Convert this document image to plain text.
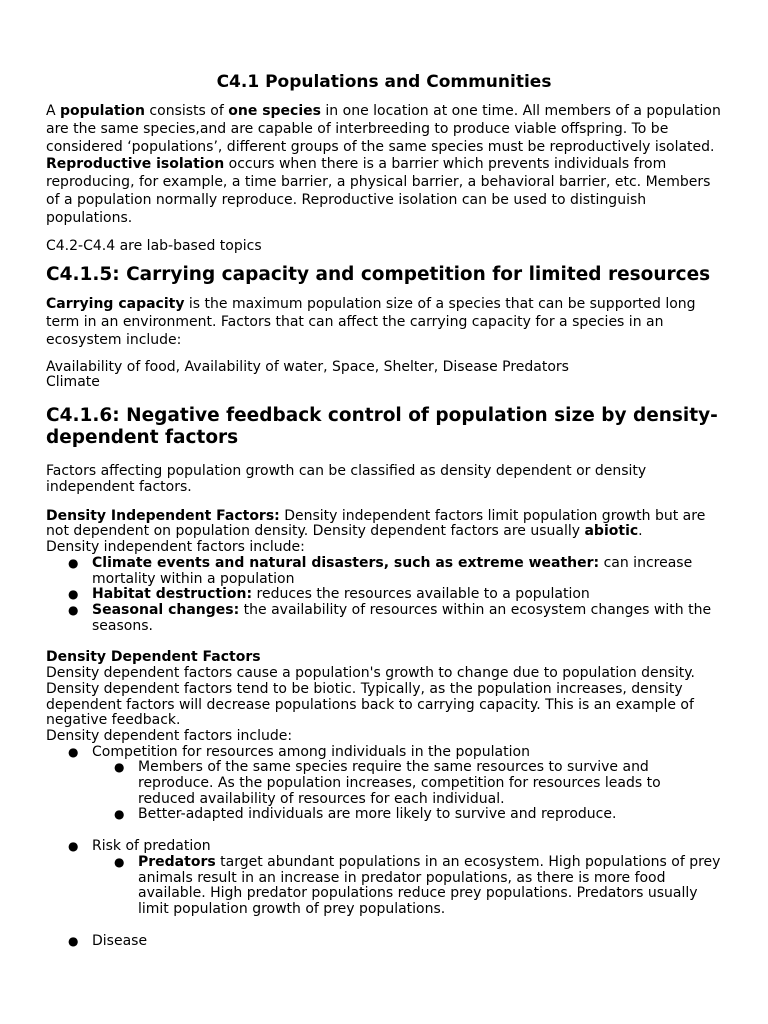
C4.1 Populations and Communities

A population consists of one species in one location at one time. All members of a population are the same species,and are capable of interbreeding to produce viable offspring. To be considered ‘populations’, different groups of the same species must be reproductively isolated. Reproductive isolation occurs when there is a barrier which prevents individuals from reproducing, for example, a time barrier, a physical barrier, a behavioral barrier, etc. Members of a population normally reproduce. Reproductive isolation can be used to distinguish populations.

C4.2-C4.4 are lab-based topics

C4.1.5: Carrying capacity and competition for limited resources

Carrying capacity is the maximum population size of a species that can be supported long term in an environment. Factors that can affect the carrying capacity for a species in an ecosystem include:

Availability of food, Availability of water, Space, Shelter, Disease Predators
Climate

C4.1.6: Negative feedback control of population size by density-dependent factors

Factors affecting population growth can be classified as density dependent or density independent factors.

Density Independent Factors: Density independent factors limit population growth but are not dependent on population density. Density dependent factors are usually abiotic.
Density independent factors include:

● Climate events and natural disasters, such as extreme weather: can increase mortality within a population
● Habitat destruction: reduces the resources available to a population
● Seasonal changes: the availability of resources within an ecosystem changes with the seasons.

Density Dependent Factors
Density dependent factors cause a population's growth to change due to population density. Density dependent factors tend to be biotic. Typically, as the population increases, density dependent factors will decrease populations back to carrying capacity. This is an example of negative feedback.
Density dependent factors include:

● Competition for resources among individuals in the population
● Members of the same species require the same resources to survive and reproduce. As the population increases, competition for resources leads to reduced availability of resources for each individual.
● Better-adapted individuals are more likely to survive and reproduce.
● Risk of predation
● Predators target abundant populations in an ecosystem. High populations of prey animals result in an increase in predator populations, as there is more food available. High predator populations reduce prey populations. Predators usually limit population growth of prey populations.
● Disease
